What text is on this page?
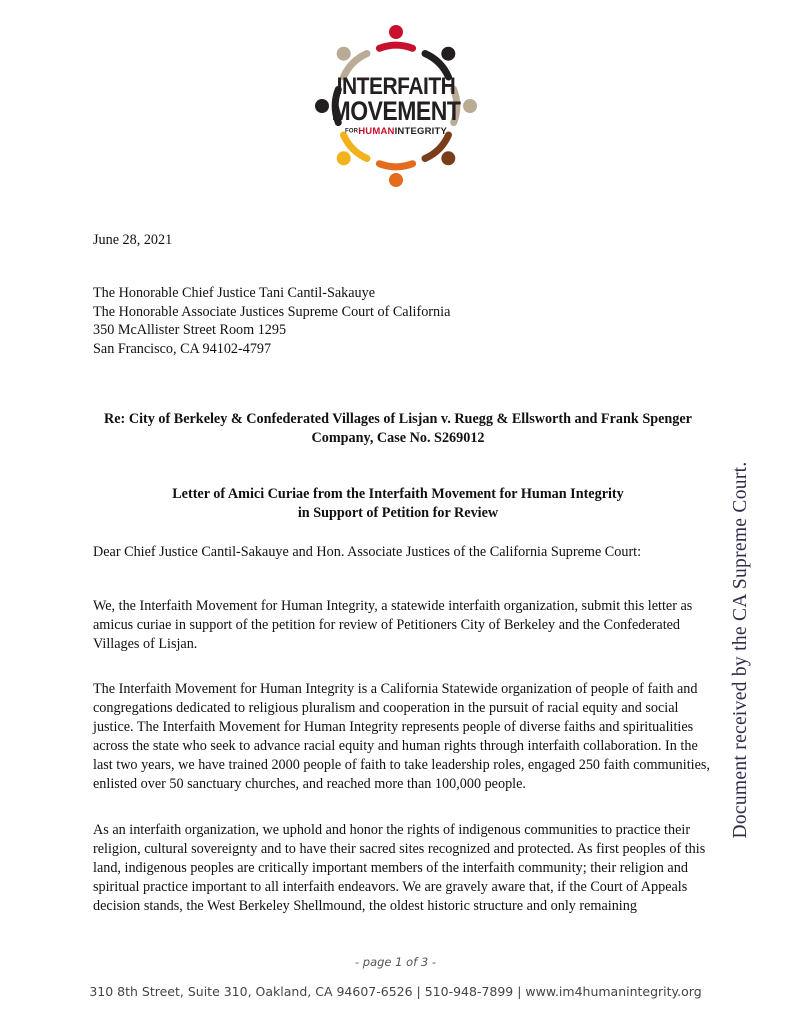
INTERFAITH
MOVEMENT
FORHUMANINTEGRITY
June 28, 2021
The Honorable Chief Justice Tani Cantil-Sakauye
The Honorable Associate Justices Supreme Court of California
350 McAllister Street Room 1295
San Francisco, CA 94102-4797
Re: City of Berkeley & Confederated Villages of Lisjan v. Ruegg & Ellsworth and Frank Spenger
Company, Case No. S269012
Letter of Amici Curiae from the Interfaith Movement for Human Integrity
in Support of Petition for Review
Dear Chief Justice Cantil-Sakauye and Hon. Associate Justices of the California Supreme Court:
We, the Interfaith Movement for Human Integrity, a statewide interfaith organization, submit this letter as amicus curiae in support of the petition for review of Petitioners City of Berkeley and the Confederated Villages of Lisjan.
The Interfaith Movement for Human Integrity is a California Statewide organization of people of faith and congregations dedicated to religious pluralism and cooperation in the pursuit of racial equity and social justice. The Interfaith Movement for Human Integrity represents people of diverse faiths and spiritualities across the state who seek to advance racial equity and human rights through interfaith collaboration. In the last two years, we have trained 2000 people of faith to take leadership roles, engaged 250 faith communities, enlisted over 50 sanctuary churches, and reached more than 100,000 people.
As an interfaith organization, we uphold and honor the rights of indigenous communities to practice their religion, cultural sovereignty and to have their sacred sites recognized and protected. As first peoples of this land, indigenous peoples are critically important members of the interfaith community; their religion and spiritual practice important to all interfaith endeavors. We are gravely aware that, if the Court of Appeals decision stands, the West Berkeley Shellmound, the oldest historic structure and only remaining
- page 1 of 3 -
310 8th Street, Suite 310, Oakland, CA 94607-6526 | 510-948-7899 | www.im4humanintegrity.org
Document received by the CA Supreme Court.
